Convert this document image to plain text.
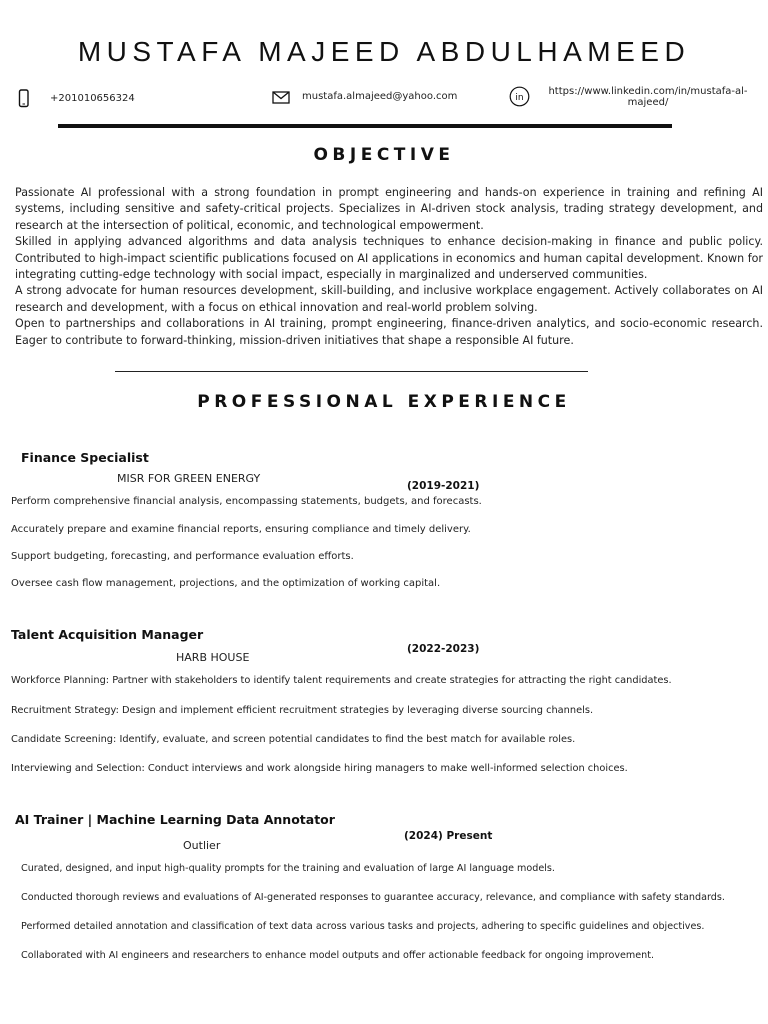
MUSTAFA MAJEED ABDULHAMEED
+201010656324	mustafa.almajeed@yahoo.com	in
https://www.linkedin.com/in/mustafa-al-
majeed/
OBJECTIVE

Passionate AI professional with a strong foundation in prompt engineering and hands-on experience in training and refining AI systems, including sensitive and safety-critical projects. Specializes in AI-driven stock analysis, trading strategy development, and research at the intersection of political, economic, and technological empowerment.

Skilled in applying advanced algorithms and data analysis techniques to enhance decision-making in finance and public policy. Contributed to high-impact scientific publications focused on AI applications in economics and human capital development. Known for integrating cutting-edge technology with social impact, especially in marginalized and underserved communities.

A strong advocate for human resources development, skill-building, and inclusive workplace engagement. Actively collaborates on AI research and development, with a focus on ethical innovation and real-world problem solving.

Open to partnerships and collaborations in AI training, prompt engineering, finance-driven analytics, and socio-economic research. Eager to contribute to forward-thinking, mission-driven initiatives that shape a responsible AI future.

PROFESSIONAL EXPERIENCE
Finance Specialist
MISR FOR GREEN ENERGY
(2019-2021)
Perform comprehensive financial analysis, encompassing statements, budgets, and forecasts.
Accurately prepare and examine financial reports, ensuring compliance and timely delivery.
Support budgeting, forecasting, and performance evaluation efforts.
Oversee cash flow management, projections, and the optimization of working capital.
Talent Acquisition Manager
(2022-2023)
HARB HOUSE
Workforce Planning: Partner with stakeholders to identify talent requirements and create strategies for attracting the right candidates.
Recruitment Strategy: Design and implement efficient recruitment strategies by leveraging diverse sourcing channels.
Candidate Screening: Identify, evaluate, and screen potential candidates to find the best match for available roles.
Interviewing and Selection: Conduct interviews and work alongside hiring managers to make well-informed selection choices.
AI Trainer | Machine Learning Data Annotator
(2024) Present
Outlier
Curated, designed, and input high-quality prompts for the training and evaluation of large AI language models.
Conducted thorough reviews and evaluations of AI-generated responses to guarantee accuracy, relevance, and compliance with safety standards.
Performed detailed annotation and classification of text data across various tasks and projects, adhering to specific guidelines and objectives.
Collaborated with AI engineers and researchers to enhance model outputs and offer actionable feedback for ongoing improvement.
